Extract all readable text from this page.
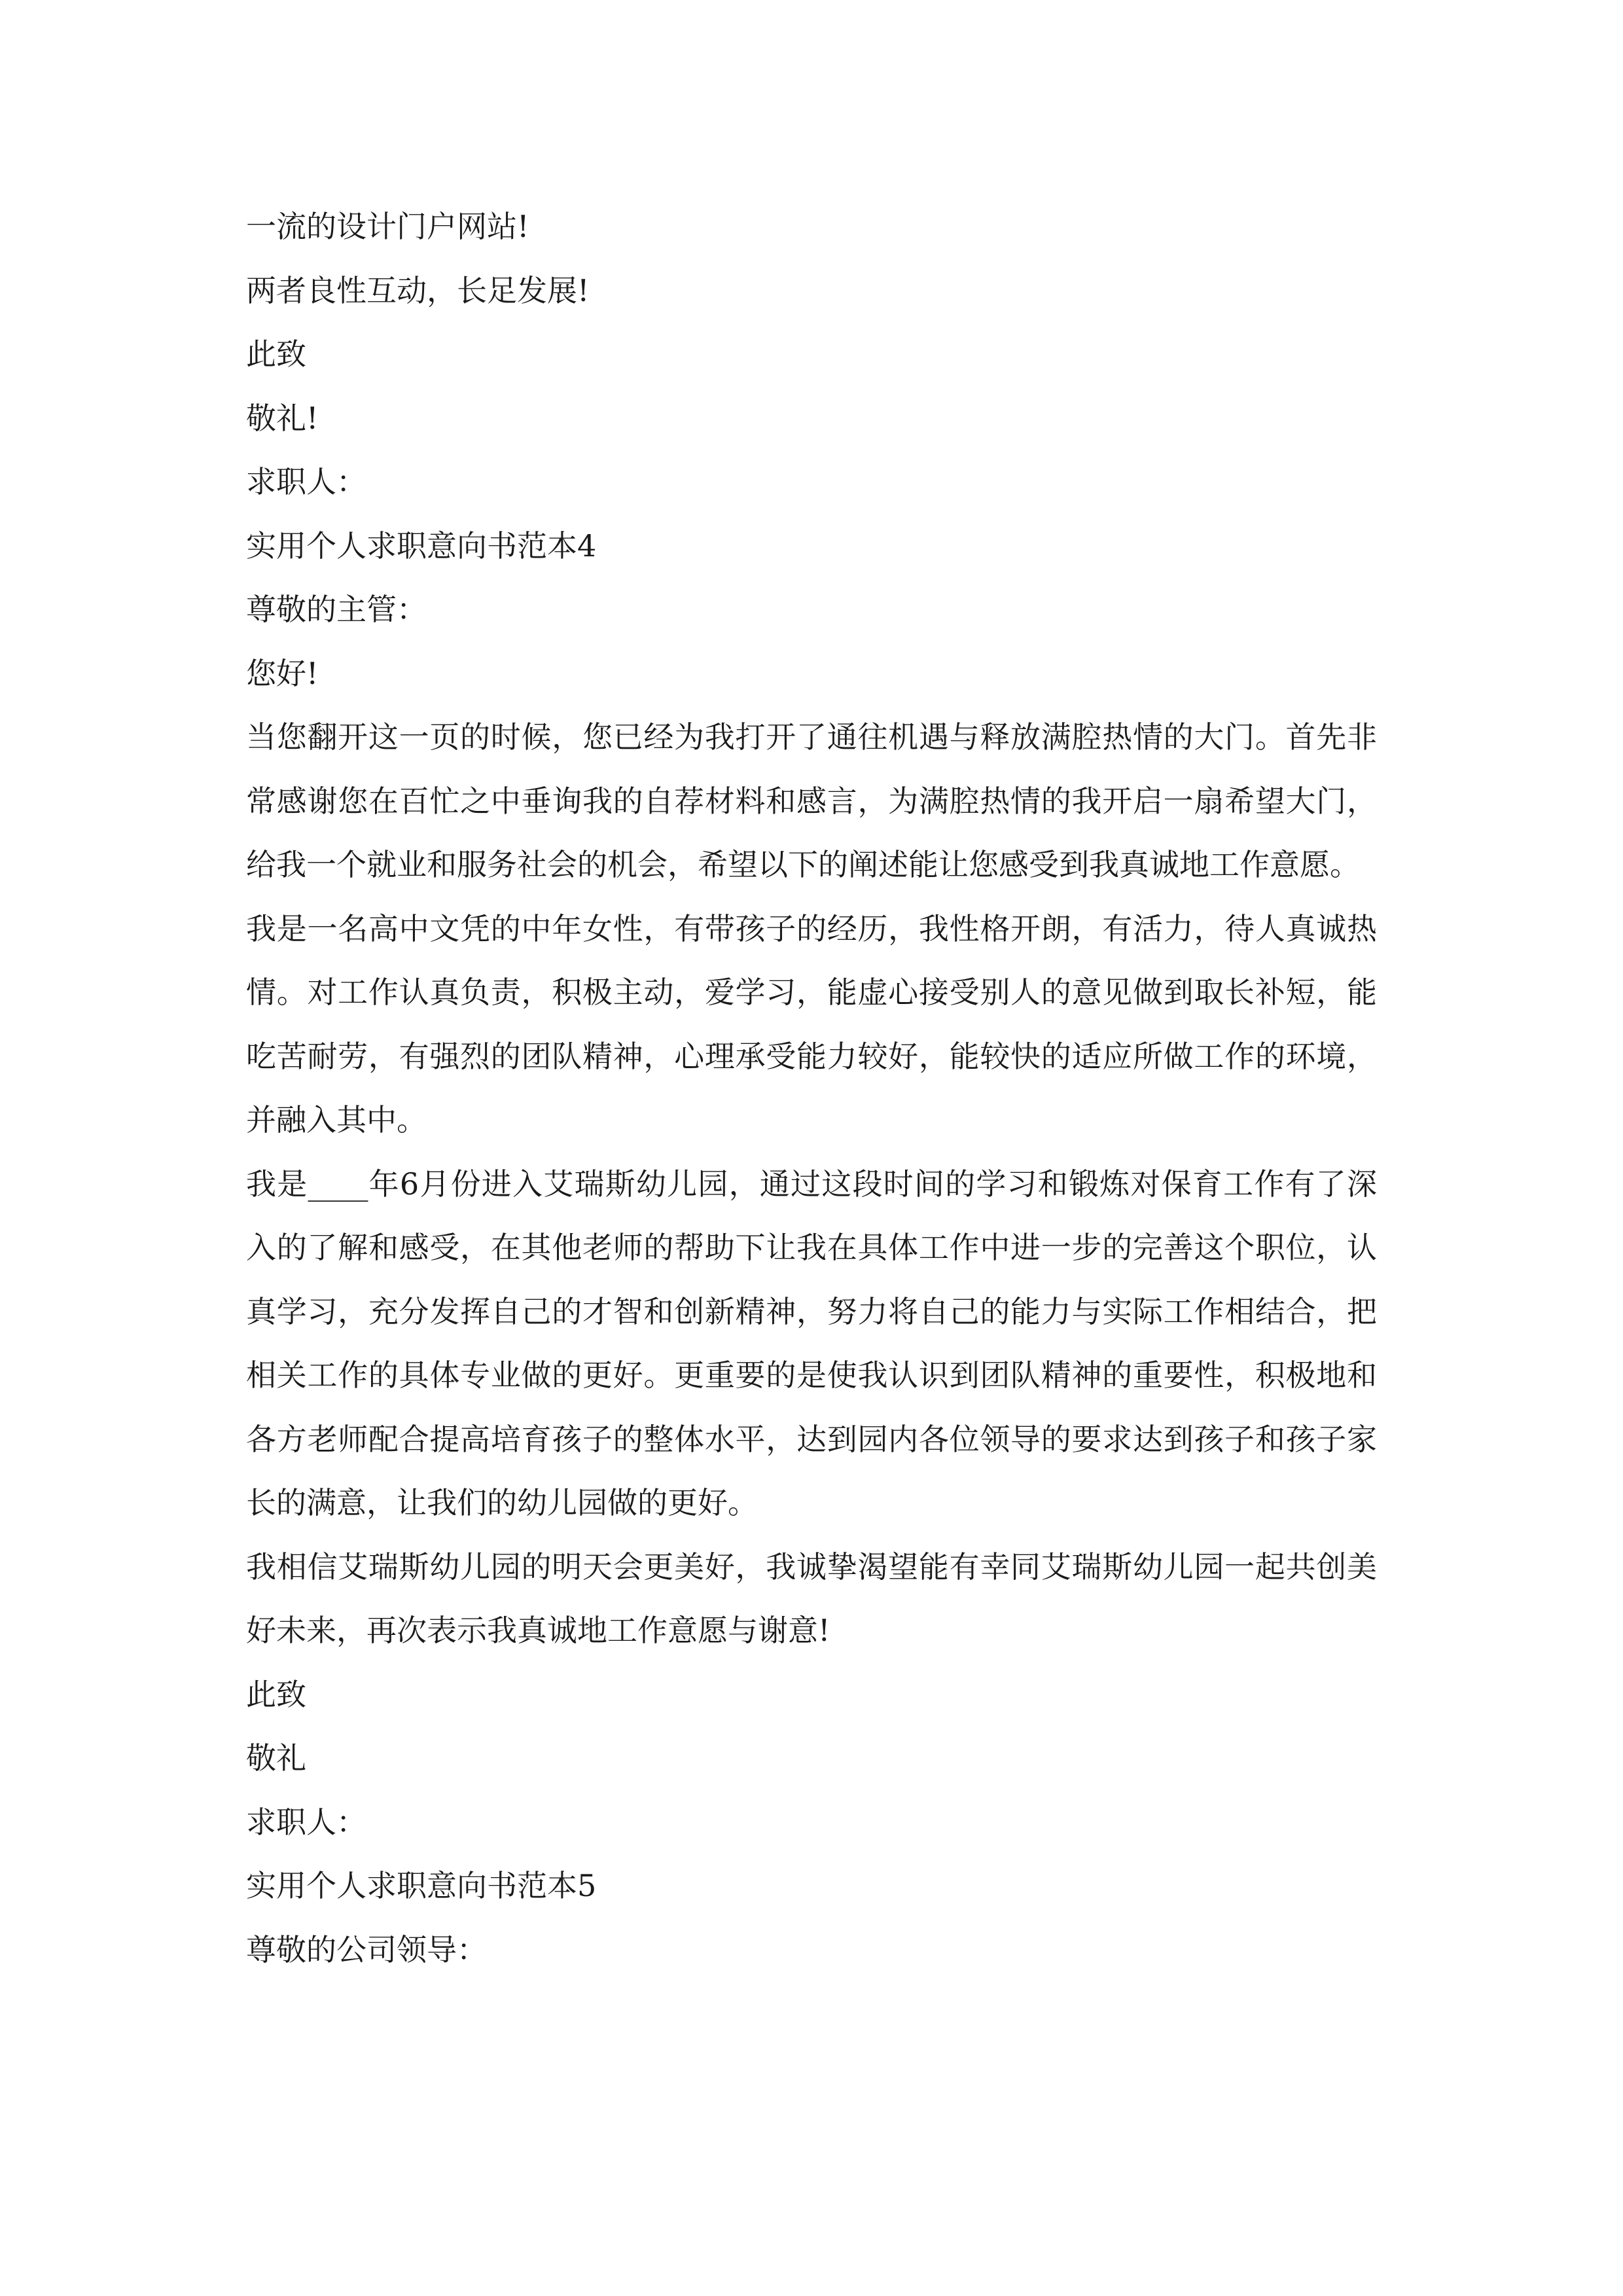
一流的设计门户网站!
两者良性互动，长足发展!
此致
敬礼!
求职人：
实用个人求职意向书范本4
尊敬的主管：
您好!
当您翻开这一页的时候，您已经为我打开了通往机遇与释放满腔热情的大门。首先非常感谢您在百忙之中垂询我的自荐材料和感言，为满腔热情的我开启一扇希望大门，给我一个就业和服务社会的机会，希望以下的阐述能让您感受到我真诚地工作意愿。
我是一名高中文凭的中年女性，有带孩子的经历，我性格开朗，有活力，待人真诚热情。对工作认真负责，积极主动，爱学习，能虚心接受别人的意见做到取长补短，能吃苦耐劳，有强烈的团队精神，心理承受能力较好，能较快的适应所做工作的环境，并融入其中。
我是____年6月份进入艾瑞斯幼儿园，通过这段时间的学习和锻炼对保育工作有了深入的了解和感受，在其他老师的帮助下让我在具体工作中进一步的完善这个职位，认真学习，充分发挥自己的才智和创新精神，努力将自己的能力与实际工作相结合，把相关工作的具体专业做的更好。更重要的是使我认识到团队精神的重要性，积极地和各方老师配合提高培育孩子的整体水平，达到园内各位领导的要求达到孩子和孩子家长的满意，让我们的幼儿园做的更好。
我相信艾瑞斯幼儿园的明天会更美好，我诚挚渴望能有幸同艾瑞斯幼儿园一起共创美好未来，再次表示我真诚地工作意愿与谢意!
此致
敬礼
求职人：
实用个人求职意向书范本5
尊敬的公司领导：
